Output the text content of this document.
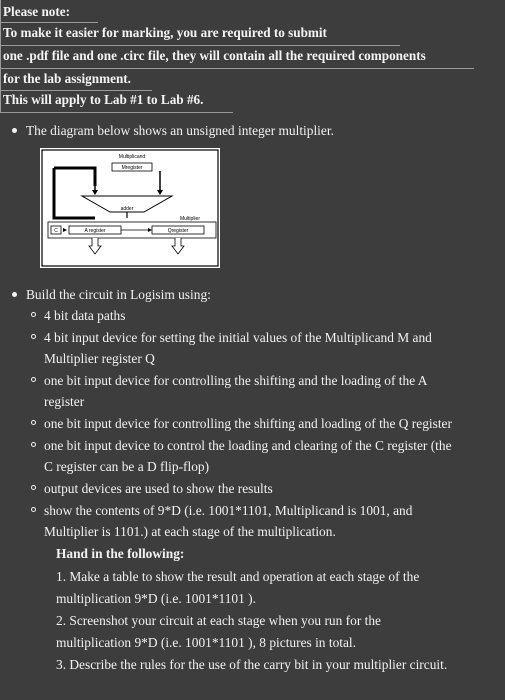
Please note:
To make it easier for marking, you are required to submit
one .pdf file and one .circ file, they will contain all the required components
for the lab assignment.
This will apply to Lab #1 to Lab #6.
The diagram below shows an unsigned integer multiplier.
Multiplicand
Mregister
adder
Multiplier
C	A register	Qregister
Build the circuit in Logisim using:
4 bit data paths
4 bit input device for setting the initial values of the Multiplicand M and
Multiplier register Q
one bit input device for controlling the shifting and the loading of the A
register
one bit input device for controlling the shifting and loading of the Q register
one bit input device to control the loading and clearing of the C register (the
C register can be a D flip-flop)
output devices are used to show the results
show the contents of 9*D (i.e. 1001*1101, Multiplicand is 1001, and
Multiplier is 1101.) at each stage of the multiplication.
Hand in the following:
1. Make a table to show the result and operation at each stage of the
multiplication 9*D (i.e. 1001*1101 ).
2. Screenshot your circuit at each stage when you run for the
multiplication 9*D (i.e. 1001*1101 ), 8 pictures in total.
3. Describe the rules for the use of the carry bit in your multiplier circuit.
